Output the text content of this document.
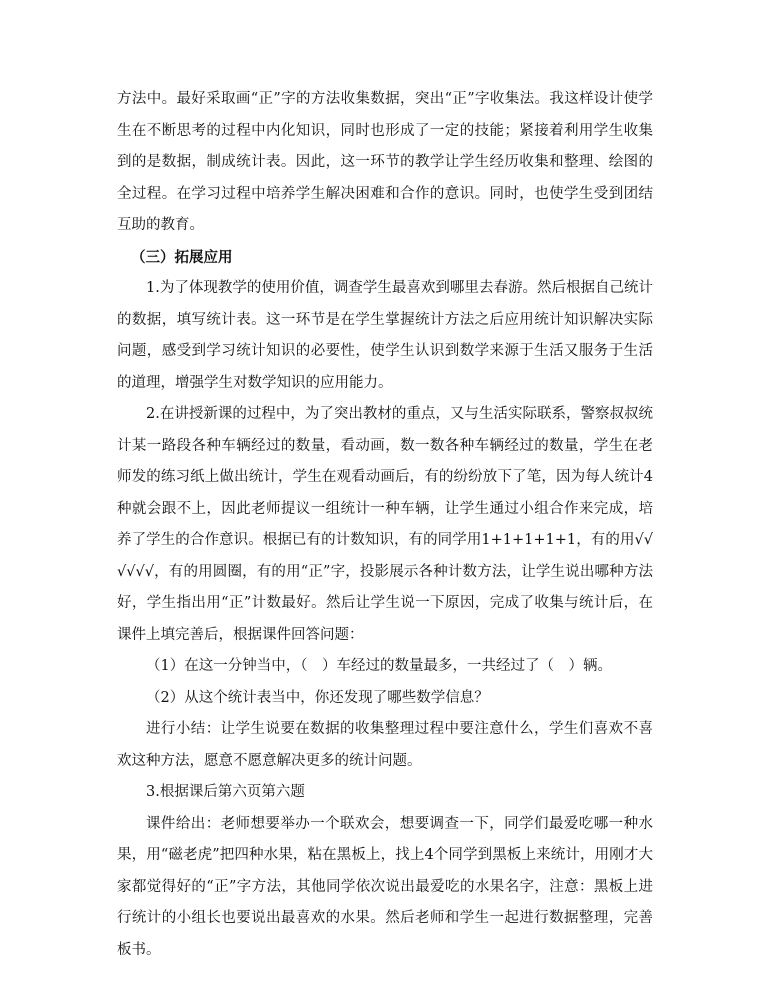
方法中。最好采取画“正”字的方法收集数据，突出“正”字收集法。我这样设计使学生在不断思考的过程中内化知识，同时也形成了一定的技能；紧接着利用学生收集到的是数据，制成统计表。因此，这一环节的教学让学生经历收集和整理、绘图的全过程。在学习过程中培养学生解决困难和合作的意识。同时，也使学生受到团结互助的教育。

（三）拓展应用

1.为了体现教学的使用价值，调查学生最喜欢到哪里去春游。然后根据自己统计的数据，填写统计表。这一环节是在学生掌握统计方法之后应用统计知识解决实际问题，感受到学习统计知识的必要性，使学生认识到数学来源于生活又服务于生活的道理，增强学生对数学知识的应用能力。

2.在讲授新课的过程中，为了突出教材的重点，又与生活实际联系，警察叔叔统计某一路段各种车辆经过的数量，看动画，数一数各种车辆经过的数量，学生在老师发的练习纸上做出统计，学生在观看动画后，有的纷纷放下了笔，因为每人统计4种就会跟不上，因此老师提议一组统计一种车辆，让学生通过小组合作来完成，培养了学生的合作意识。根据已有的计数知识，有的同学用1+1+1+1+1，有的用√√√√√√，有的用圆圈，有的用“正”字，投影展示各种计数方法，让学生说出哪种方法好，学生指出用“正”计数最好。然后让学生说一下原因，完成了收集与统计后，在课件上填完善后，根据课件回答问题：

（1）在这一分钟当中，（　）车经过的数量最多，一共经过了（　）辆。

（2）从这个统计表当中，你还发现了哪些数学信息？

进行小结：让学生说要在数据的收集整理过程中要注意什么，学生们喜欢不喜欢这种方法，愿意不愿意解决更多的统计问题。

3.根据课后第六页第六题

课件给出：老师想要举办一个联欢会，想要调查一下，同学们最爱吃哪一种水果，用“磁老虎”把四种水果，粘在黑板上，找上4个同学到黑板上来统计，用刚才大家都觉得好的“正”字方法，其他同学依次说出最爱吃的水果名字，注意：黑板上进行统计的小组长也要说出最喜欢的水果。然后老师和学生一起进行数据整理，完善板书。
